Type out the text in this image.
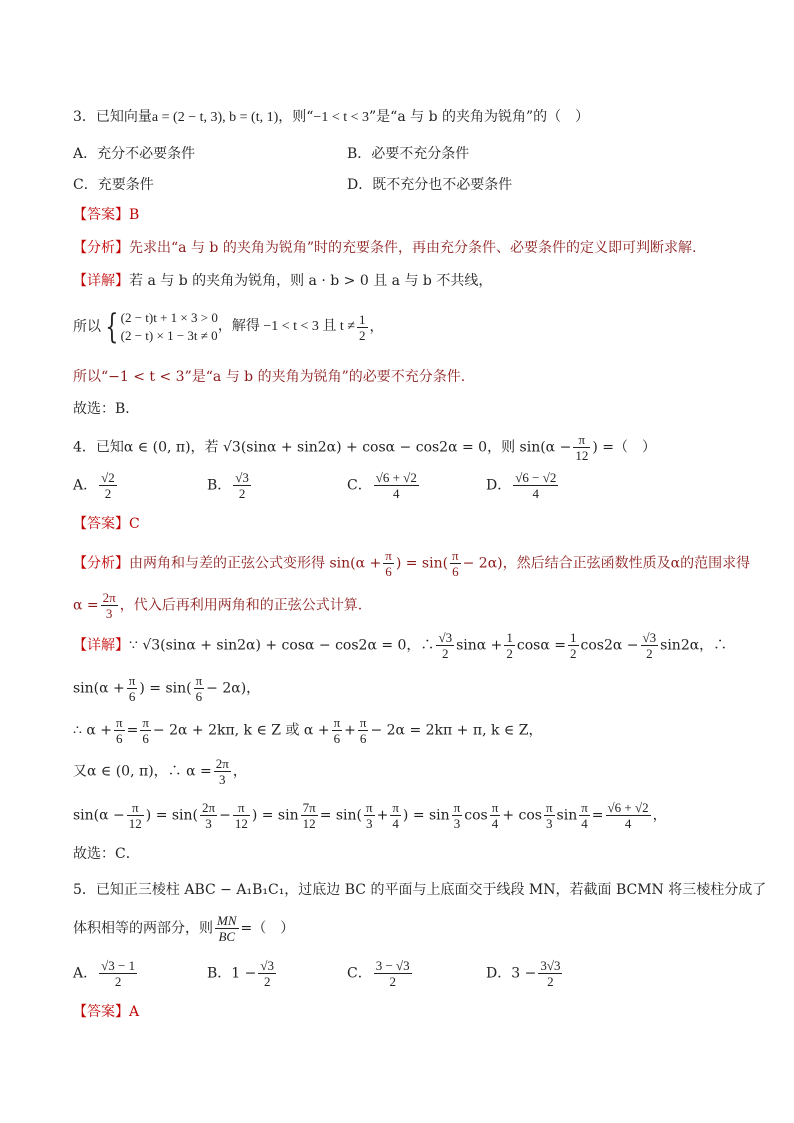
3．已知向量a = (2 − t, 3), b = (t, 1)，则“−1 < t < 3”是“a 与 b 的夹角为锐角”的（　）
A．充分不必要条件	B．必要不充分条件
C．充要条件	D．既不充分也不必要条件
【答案】B
【分析】先求出“a 与 b 的夹角为锐角”时的充要条件，再由充分条件、必要条件的定义即可判断求解.
【详解】若 a 与 b 的夹角为锐角，则 a · b > 0 且 a 与 b 不共线，
所以 { (2 − t)t + 1 × 3 > 0
(2 − t) × 1 − 3t ≠ 0
，解得 −1 < t < 3 且 $t \ne \frac{1}{2}$ ，
所以“−1 < t < 3”是“a 与 b 的夹角为锐角”的必要不充分条件.
故选：B．
4．已知α ∈ (0, π)，若 √3(sinα + sin2α) + cosα − cos2α = 0，则 $\sin(\alpha - \frac{\pi}{12}$ ) =（　）
A． $\frac{√2}{2}$	B． $\frac{√3}{2}$	C． $\frac{√6 + √2}{4}$	D． $\frac{√6 - √2}{4}$
【答案】C
【分析】由两角和与差的正弦公式变形得 $\sin(\alpha + \frac{\pi}{6}$ ) = $\sin( \frac{\pi}{6} - 2\alpha)$，然后结合正弦函数性质及α的范围求得
$\alpha = \frac{2\pi}{3}$ ，代入后再利用两角和的正弦公式计算.
【详解】∵ √3(sinα + sin2α) + cosα − cos2α = 0，∴ $\frac{√3}{2}$ $\sin\alpha + \frac{1}{2}$ $\cos\alpha = \frac{1}{2} \cos 2\alpha - \frac{√3}{2} \sin 2\alpha$，∴
$\sin(\alpha + \frac{\pi}{6}$ ) = $\sin( \frac{\pi}{6} - 2\alpha)$，
∴ $\alpha + \frac{\pi}{6} = \frac{\pi}{6} - 2\alpha + 2k\pi$, k ∈ Z 或 $\alpha + \frac{\pi}{6} + \frac{\pi}{6} - 2\alpha = 2k\pi + \pi$, k ∈ Z，
又α ∈ (0, π)，∴ $\alpha = \frac{2\pi}{3}$ ，
$\sin(\alpha - \frac{\pi}{12}$ ) = $\sin( \frac{2\pi}{3} - \frac{\pi}{12}$ ) = $\sin \frac{7\pi}{12} = \sin( \frac{\pi}{3} + \frac{\pi}{4}$ ) = $\sin \frac{\pi}{3}$ $\cos \frac{\pi}{4} + \cos \frac{\pi}{3}$ $\sin \frac{\pi}{4} = \frac{√6 + √2}{4}$ ，
故选：C．
5．已知正三棱柱 ABC − A₁B₁C₁，过底边 BC 的平面与上底面交于线段 MN，若截面 BCMN 将三棱柱分成了
体积相等的两部分，则 $\frac{MN}{BC}$ =（　）
A． $\frac{√3 - 1}{2}$	B．$1 - \frac{√3}{2}$	C． $\frac{3 - √3}{2}$	D．$3 - \frac{3√3}{2}$
【答案】A
